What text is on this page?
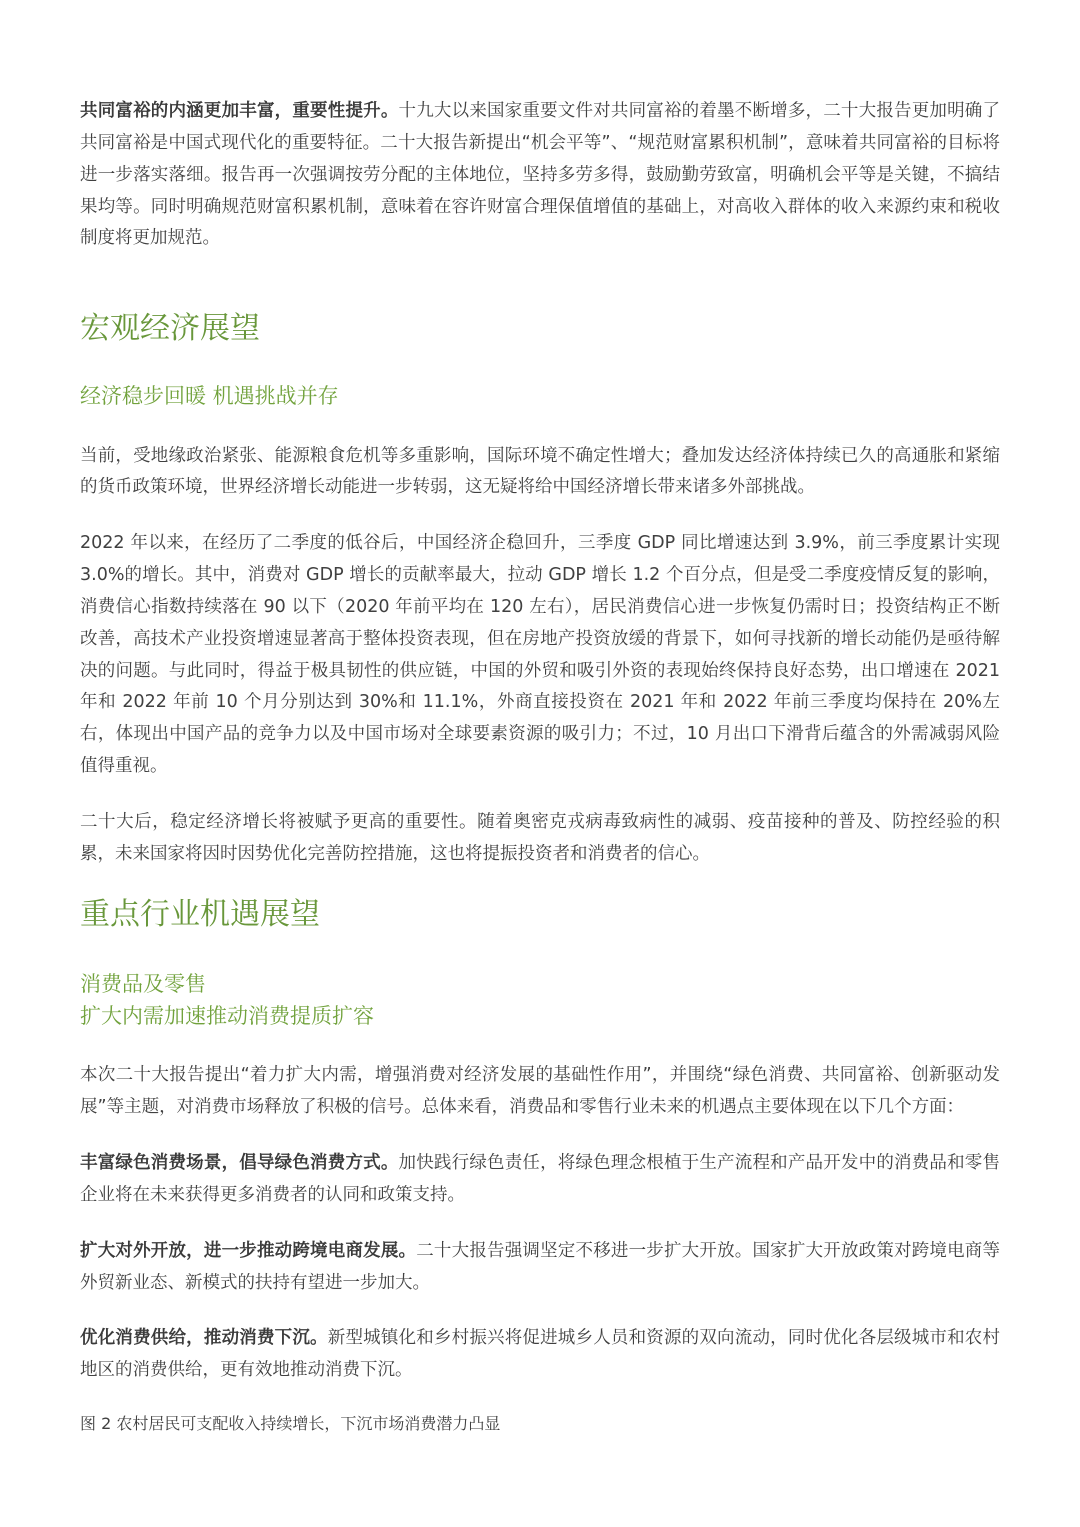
共同富裕的内涵更加丰富，重要性提升。十九大以来国家重要文件对共同富裕的着墨不断增多，二十大报告更加明确了共同富裕是中国式现代化的重要特征。二十大报告新提出“机会平等”、“规范财富累积机制”，意味着共同富裕的目标将进一步落实落细。报告再一次强调按劳分配的主体地位，坚持多劳多得，鼓励勤劳致富，明确机会平等是关键，不搞结果均等。同时明确规范财富积累机制，意味着在容许财富合理保值增值的基础上，对高收入群体的收入来源约束和税收制度将更加规范。

宏观经济展望
经济稳步回暖 机遇挑战并存

当前，受地缘政治紧张、能源粮食危机等多重影响，国际环境不确定性增大；叠加发达经济体持续已久的高通胀和紧缩的货币政策环境，世界经济增长动能进一步转弱，这无疑将给中国经济增长带来诸多外部挑战。

2022 年以来，在经历了二季度的低谷后，中国经济企稳回升，三季度 GDP 同比增速达到 3.9%，前三季度累计实现 3.0%的增长。其中，消费对 GDP 增长的贡献率最大，拉动 GDP 增长 1.2 个百分点，但是受二季度疫情反复的影响，消费信心指数持续落在 90 以下（2020 年前平均在 120 左右），居民消费信心进一步恢复仍需时日；投资结构正不断改善，高技术产业投资增速显著高于整体投资表现，但在房地产投资放缓的背景下，如何寻找新的增长动能仍是亟待解决的问题。与此同时，得益于极具韧性的供应链，中国的外贸和吸引外资的表现始终保持良好态势，出口增速在 2021 年和 2022 年前 10 个月分别达到 30%和 11.1%，外商直接投资在 2021 年和 2022 年前三季度均保持在 20%左右，体现出中国产品的竞争力以及中国市场对全球要素资源的吸引力；不过，10 月出口下滑背后蕴含的外需减弱风险值得重视。

二十大后，稳定经济增长将被赋予更高的重要性。随着奥密克戎病毒致病性的减弱、疫苗接种的普及、防控经验的积累，未来国家将因时因势优化完善防控措施，这也将提振投资者和消费者的信心。

重点行业机遇展望
消费品及零售
扩大内需加速推动消费提质扩容

本次二十大报告提出“着力扩大内需，增强消费对经济发展的基础性作用”，并围绕“绿色消费、共同富裕、创新驱动发展”等主题，对消费市场释放了积极的信号。总体来看，消费品和零售行业未来的机遇点主要体现在以下几个方面：

丰富绿色消费场景，倡导绿色消费方式。加快践行绿色责任，将绿色理念根植于生产流程和产品开发中的消费品和零售企业将在未来获得更多消费者的认同和政策支持。

扩大对外开放，进一步推动跨境电商发展。二十大报告强调坚定不移进一步扩大开放。国家扩大开放政策对跨境电商等外贸新业态、新模式的扶持有望进一步加大。

优化消费供给，推动消费下沉。新型城镇化和乡村振兴将促进城乡人员和资源的双向流动，同时优化各层级城市和农村地区的消费供给，更有效地推动消费下沉。

图 2 农村居民可支配收入持续增长，下沉市场消费潜力凸显
